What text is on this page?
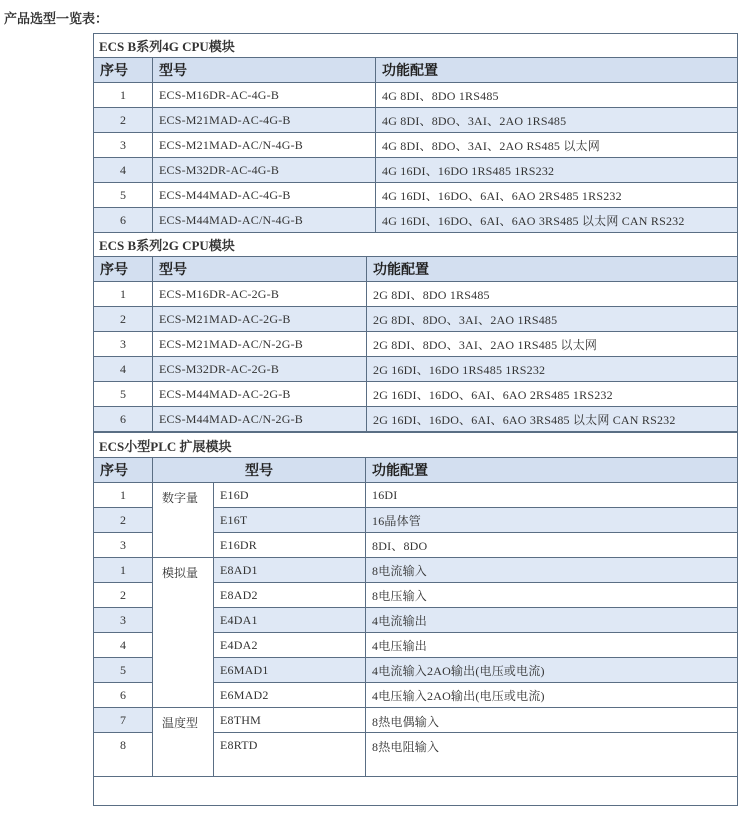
产品选型一览表：
ECS B系列4G CPU模块		
序号	型号	功能配置
1	ECS-M16DR-AC-4G-B	4G 8DI、8DO 1RS485
2	ECS-M21MAD-AC-4G-B	4G 8DI、8DO、3AI、2AO 1RS485
3	ECS-M21MAD-AC/N-4G-B	4G 8DI、8DO、3AI、2AO RS485 以太网
4	ECS-M32DR-AC-4G-B	4G 16DI、16DO 1RS485 1RS232
5	ECS-M44MAD-AC-4G-B	4G 16DI、16DO、6AI、6AO 2RS485 1RS232
6	ECS-M44MAD-AC/N-4G-B	4G 16DI、16DO、6AI、6AO 3RS485 以太网 CAN RS232
ECS B系列2G CPU模块		
序号	型号	功能配置
1	ECS-M16DR-AC-2G-B	2G 8DI、8DO 1RS485
2	ECS-M21MAD-AC-2G-B	2G 8DI、8DO、3AI、2AO 1RS485
3	ECS-M21MAD-AC/N-2G-B	2G 8DI、8DO、3AI、2AO 1RS485 以太网
4	ECS-M32DR-AC-2G-B	2G 16DI、16DO 1RS485 1RS232
5	ECS-M44MAD-AC-2G-B	2G 16DI、16DO、6AI、6AO 2RS485 1RS232
6	ECS-M44MAD-AC/N-2G-B	2G 16DI、16DO、6AI、6AO 3RS485 以太网 CAN RS232
ECS小型PLC 扩展模块			
序号	型号		功能配置
1	数字量	E16D	16DI
2		E16T	16晶体管
3		E16DR	8DI、8DO
1	模拟量	E8AD1	8电流输入
2		E8AD2	8电压输入
3		E4DA1	4电流输出
4		E4DA2	4电压输出
5		E6MAD1	4电流输入2AO输出(电压或电流)
6		E6MAD2	4电压输入2AO输出(电压或电流)
7	温度型	E8THM	8热电偶输入
8		E8RTD	8热电阻输入
